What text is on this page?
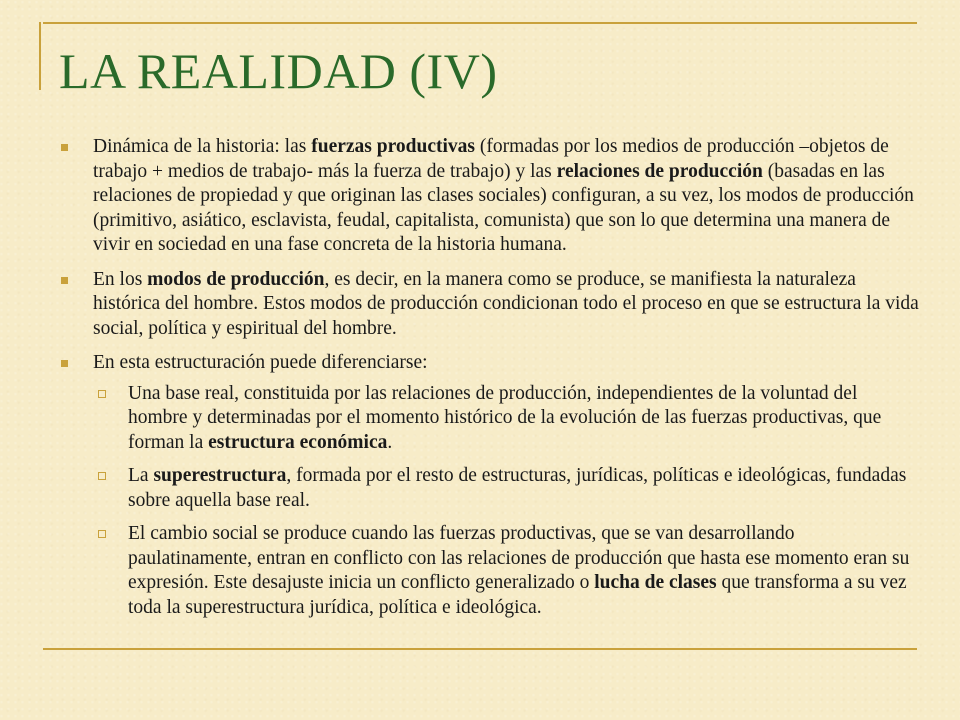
LA REALIDAD (IV)
Dinámica de la historia: las fuerzas productivas (formadas por los medios de producción –objetos de trabajo + medios de trabajo- más la fuerza de trabajo) y las relaciones de producción (basadas en las relaciones de propiedad y que originan las clases sociales) configuran, a su vez, los modos de producción (primitivo, asiático, esclavista, feudal, capitalista, comunista) que son lo que determina una manera de vivir en sociedad en una fase concreta de la historia humana.
En los modos de producción, es decir, en la manera como se produce, se manifiesta la naturaleza histórica del hombre. Estos modos de producción condicionan todo el proceso en que se estructura la vida social, política y espiritual del hombre.
En esta estructuración puede diferenciarse:
Una base real, constituida por las relaciones de producción, independientes de la voluntad del hombre y determinadas por el momento histórico de la evolución de las fuerzas productivas, que forman la estructura económica.
La superestructura, formada por el resto de estructuras, jurídicas, políticas e ideológicas, fundadas sobre aquella base real.
El cambio social se produce cuando las fuerzas productivas, que se van desarrollando paulatinamente, entran en conflicto con las relaciones de producción que hasta ese momento eran su expresión. Este desajuste inicia un conflicto generalizado o lucha de clases que transforma a su vez toda la superestructura jurídica, política e ideológica.
